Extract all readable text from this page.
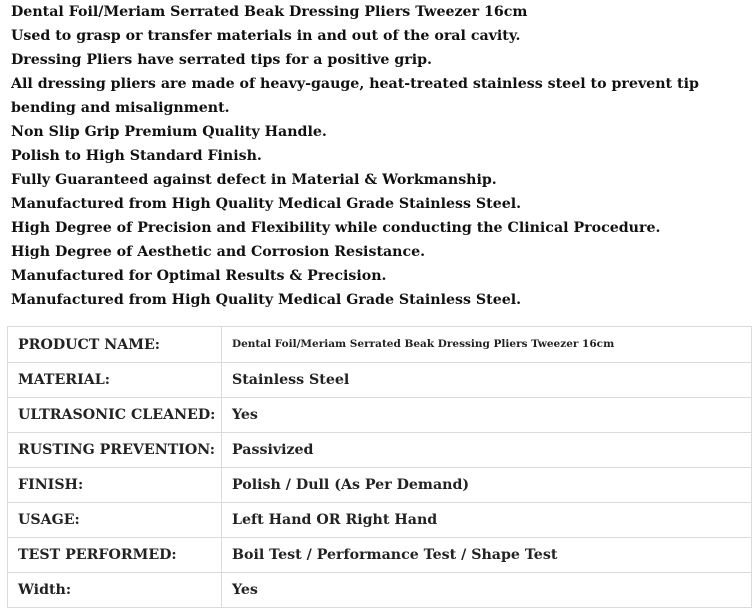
Dental Foil/Meriam Serrated Beak Dressing Pliers Tweezer 16cm

Used to grasp or transfer materials in and out of the oral cavity.

Dressing Pliers have serrated tips for a positive grip.

All dressing pliers are made of heavy-gauge, heat-treated stainless steel to prevent tip bending and misalignment.

Non Slip Grip Premium Quality Handle.

Polish to High Standard Finish.

Fully Guaranteed against defect in Material & Workmanship.

Manufactured from High Quality Medical Grade Stainless Steel.

High Degree of Precision and Flexibility while conducting the Clinical Procedure.

High Degree of Aesthetic and Corrosion Resistance.

Manufactured for Optimal Results & Precision.

Manufactured from High Quality Medical Grade Stainless Steel.

PRODUCT NAME:	Dental Foil/Meriam Serrated Beak Dressing Pliers Tweezer 16cm
MATERIAL:	Stainless Steel
ULTRASONIC CLEANED:	Yes
RUSTING PREVENTION:	Passivized
FINISH:	Polish / Dull (As Per Demand)
USAGE:	Left Hand OR Right Hand
TEST PERFORMED:	Boil Test / Performance Test / Shape Test
Width:	Yes
